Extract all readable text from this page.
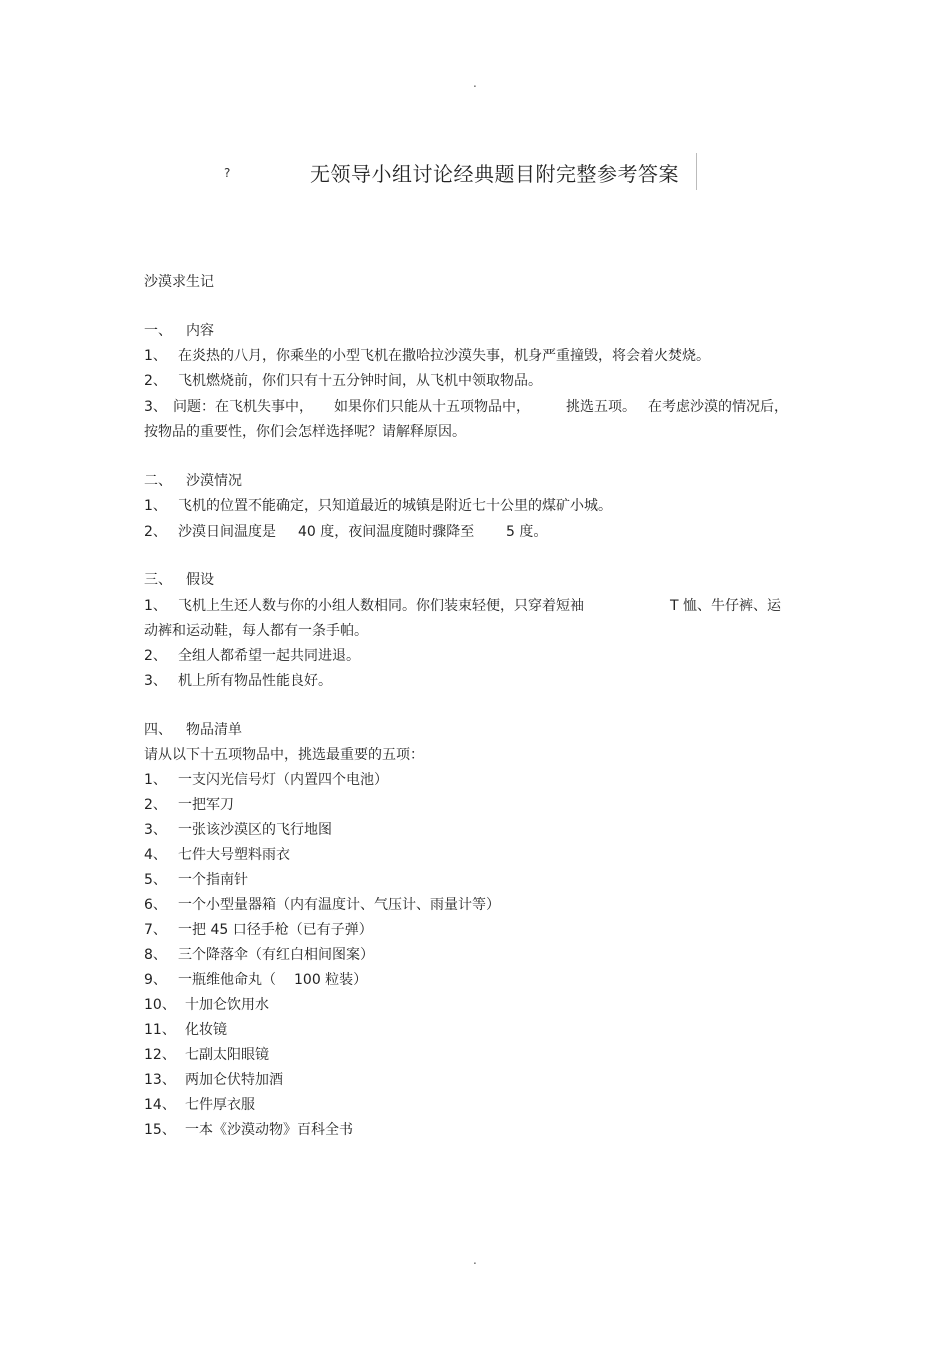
.
.
?	无领导小组讨论经典题目附完整参考答案
沙漠求生记
一、 内容
1、 在炎热的八月，你乘坐的小型飞机在撒哈拉沙漠失事，机身严重撞毁，将会着火焚烧。
2、 飞机燃烧前，你们只有十五分钟时间，从飞机中领取物品。
3、 问题：在飞机失事中， 如果你们只能从十五项物品中，	挑选五项。 在考虑沙漠的情况后，
按物品的重要性，你们会怎样选择呢？请解释原因。
二、 沙漠情况
1、 飞机的位置不能确定，只知道最近的城镇是附近七十公里的煤矿小城。
2、 沙漠日间温度是 40 度，夜间温度随时骤降至 5 度。
三、 假设
1、 飞机上生还人数与你的小组人数相同。你们装束轻便，只穿着短袖	T 恤、牛仔裤、运
动裤和运动鞋，每人都有一条手帕。
2、 全组人都希望一起共同进退。
3、 机上所有物品性能良好。
四、 物品清单
请从以下十五项物品中，挑选最重要的五项：
1、 一支闪光信号灯（内置四个电池）
2、 一把军刀
3、 一张该沙漠区的飞行地图
4、 七件大号塑料雨衣
5、 一个指南针
6、 一个小型量器箱（内有温度计、气压计、雨量计等）
7、 一把 45 口径手枪（已有子弹）
8、 三个降落伞（有红白相间图案）
9、 一瓶维他命丸（ 100 粒装）
10、 十加仑饮用水
11、 化妆镜
12、 七副太阳眼镜
13、 两加仑伏特加酒
14、 七件厚衣服
15、 一本《沙漠动物》百科全书
